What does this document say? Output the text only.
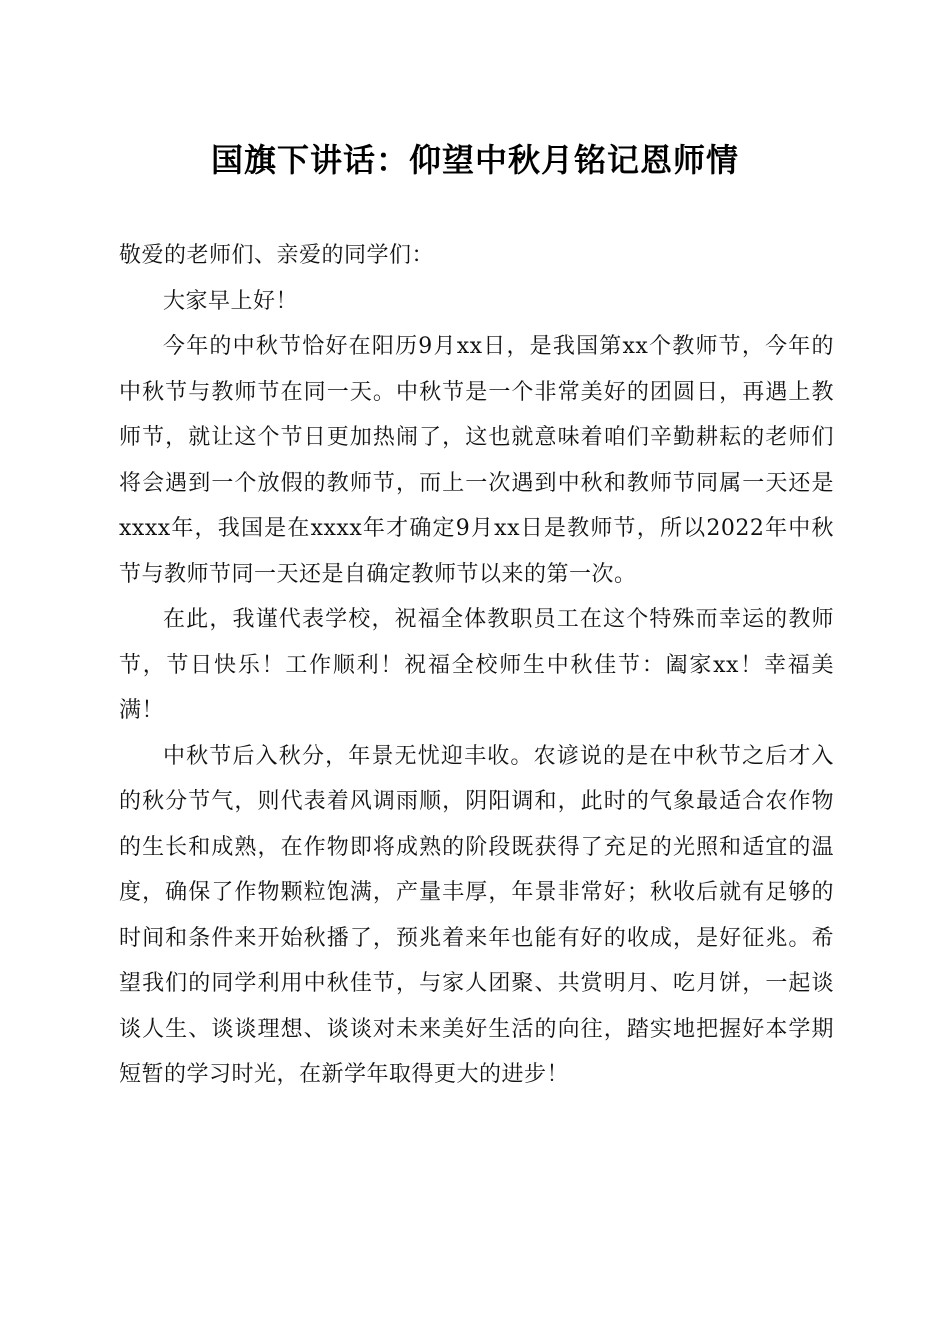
国旗下讲话：仰望中秋月铭记恩师情

敬爱的老师们、亲爱的同学们：

大家早上好！

今年的中秋节恰好在阳历9月xx日，是我国第xx个教师节，今年的中秋节与教师节在同一天。中秋节是一个非常美好的团圆日，再遇上教师节，就让这个节日更加热闹了，这也就意味着咱们辛勤耕耘的老师们将会遇到一个放假的教师节，而上一次遇到中秋和教师节同属一天还是xxxx年，我国是在xxxx年才确定9月xx日是教师节，所以2022年中秋节与教师节同一天还是自确定教师节以来的第一次。

在此，我谨代表学校，祝福全体教职员工在这个特殊而幸运的教师节，节日快乐！工作顺利！祝福全校师生中秋佳节：阖家xx！幸福美满！

中秋节后入秋分，年景无忧迎丰收。农谚说的是在中秋节之后才入的秋分节气，则代表着风调雨顺，阴阳调和，此时的气象最适合农作物的生长和成熟，在作物即将成熟的阶段既获得了充足的光照和适宜的温度，确保了作物颗粒饱满，产量丰厚，年景非常好；秋收后就有足够的时间和条件来开始秋播了，预兆着来年也能有好的收成，是好征兆。希望我们的同学利用中秋佳节，与家人团聚、共赏明月、吃月饼，一起谈谈人生、谈谈理想、谈谈对未来美好生活的向往，踏实地把握好本学期短暂的学习时光，在新学年取得更大的进步！
